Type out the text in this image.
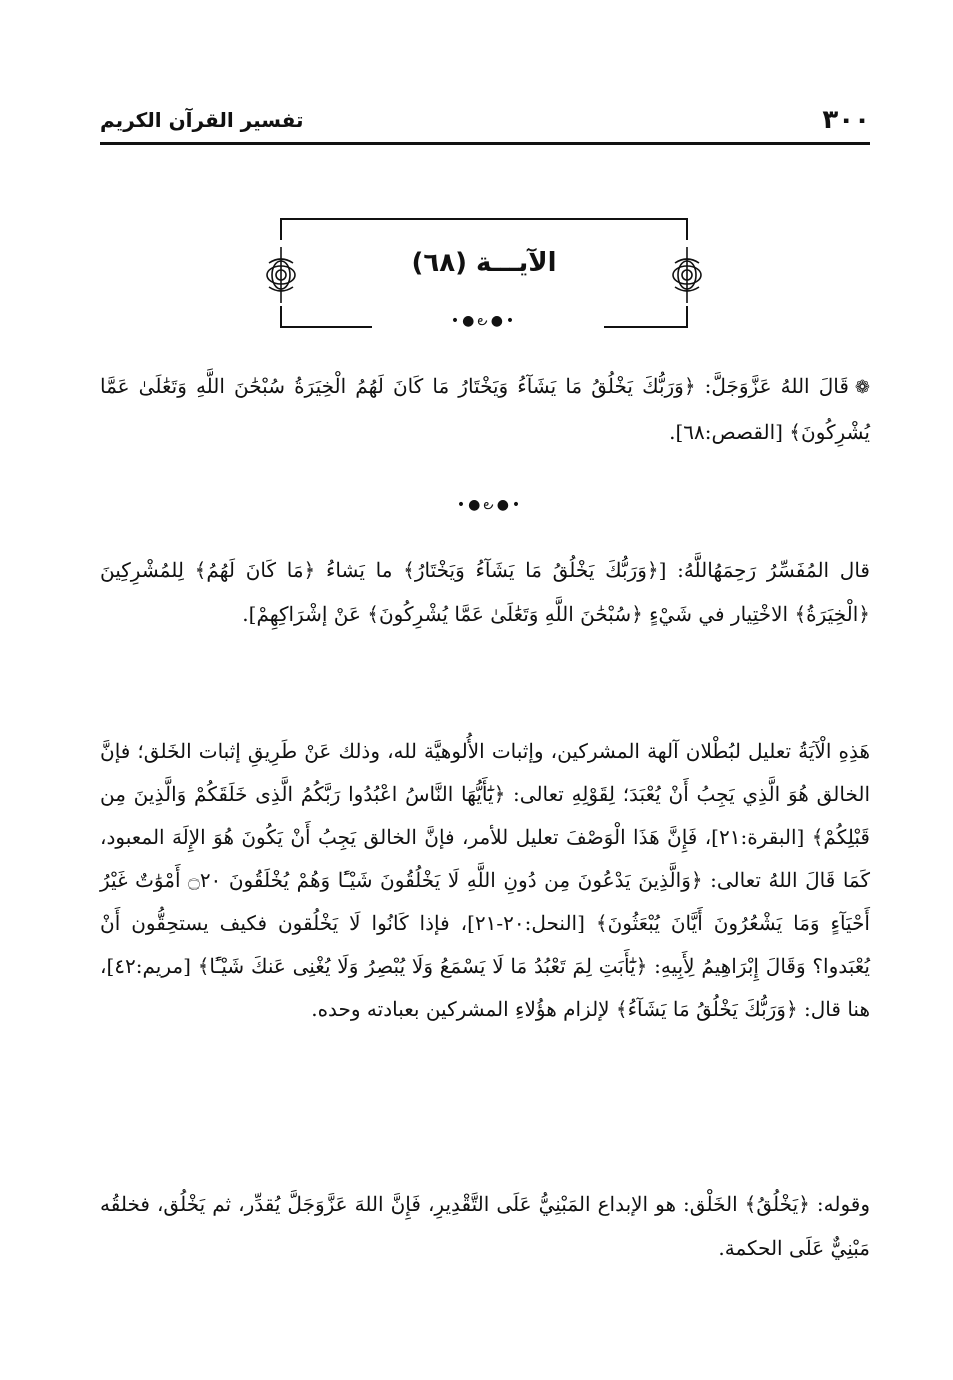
٣٠٠
تفسير القرآن الكريم
الآيـــة (٦٨)
•●౿●•
❁قَالَ اللهُ عَزَّوَجَلَّ: ﴿وَرَبُّكَ يَخْلُقُ مَا يَشَآءُ وَيَخْتَارُ مَا كَانَ لَهُمُ الْخِيَرَةُ سُبْحَٰنَ اللَّهِ وَتَعَٰلَىٰ عَمَّا يُشْرِكُونَ﴾ [القصص:٦٨].
•●౿●•
قال المُفَسِّرُ رَحِمَهُاللَّهُ: [﴿وَرَبُّكَ يَخْلُقُ مَا يَشَآءُ وَيَخْتَارُ﴾ ما يَشاءُ ﴿مَا كَانَ لَهُمُ﴾ لِلمُشْرِكِينَ ﴿الْخِيَرَةُ﴾ الاخْتِيار في شَيْءٍ ﴿سُبْحَٰنَ اللَّهِ وَتَعَٰلَىٰ عَمَّا يُشْرِكُونَ﴾ عَنْ إشْرَاكِهِمْ].
هَذِهِ الْآيَةُ تعليل لبُطْلان آلهة المشركين، وإثبات الأُلوهيَّة لله، وذلك عَنْ طَرِيقِ إثبات الخَلق؛ فإنَّ الخالق هُوَ الَّذِي يَجِبُ أَنْ يُعْبَدَ؛ لِقَوْلِهِ تعالى: ﴿يَٰٓأَيُّهَا النَّاسُ اعْبُدُوا رَبَّكُمُ الَّذِى خَلَقَكُمْ وَالَّذِينَ مِن قَبْلِكُمْ﴾ [البقرة:٢١]، فَإِنَّ هَذَا الْوَصْفَ تعليل للأمر، فإنَّ الخالق يَجِبُ أَنْ يَكُونَ هُوَ الإِلَهَ المعبود، كَمَا قَالَ اللهُ تعالى: ﴿وَالَّذِينَ يَدْعُونَ مِن دُونِ اللَّهِ لَا يَخْلُقُونَ شَيْـًٔا وَهُمْ يُخْلَقُونَ ۝٢٠ أَمْوَٰتٌ غَيْرُ أَحْيَآءٍ وَمَا يَشْعُرُونَ أَيَّانَ يُبْعَثُونَ﴾ [النحل:٢٠-٢١]، فإذا كَانُوا لَا يَخْلُقون فكيف يستحِقُّون أَنْ يُعْبَدوا؟ وَقَالَ إِبْرَاهِيمُ لِأَبِيهِ: ﴿يَٰٓأَبَتِ لِمَ تَعْبُدُ مَا لَا يَسْمَعُ وَلَا يُبْصِرُ وَلَا يُغْنِى عَنكَ شَيْـًٔا﴾ [مريم:٤٢]، هنا قال: ﴿وَرَبُّكَ يَخْلُقُ مَا يَشَآءُ﴾ لإلزام هؤُلاءِ المشركين بعبادته وحده.
وقوله: ﴿يَخْلُقُ﴾ الخَلْق: هو الإبداع المَبْنِيُّ عَلَى التَّقْدِيرِ، فَإِنَّ اللهَ عَزَّوَجَلَّ يُقدِّر، ثم يَخْلُق، فخلقُه مَبْنِيٌّ عَلَى الحكمة.
